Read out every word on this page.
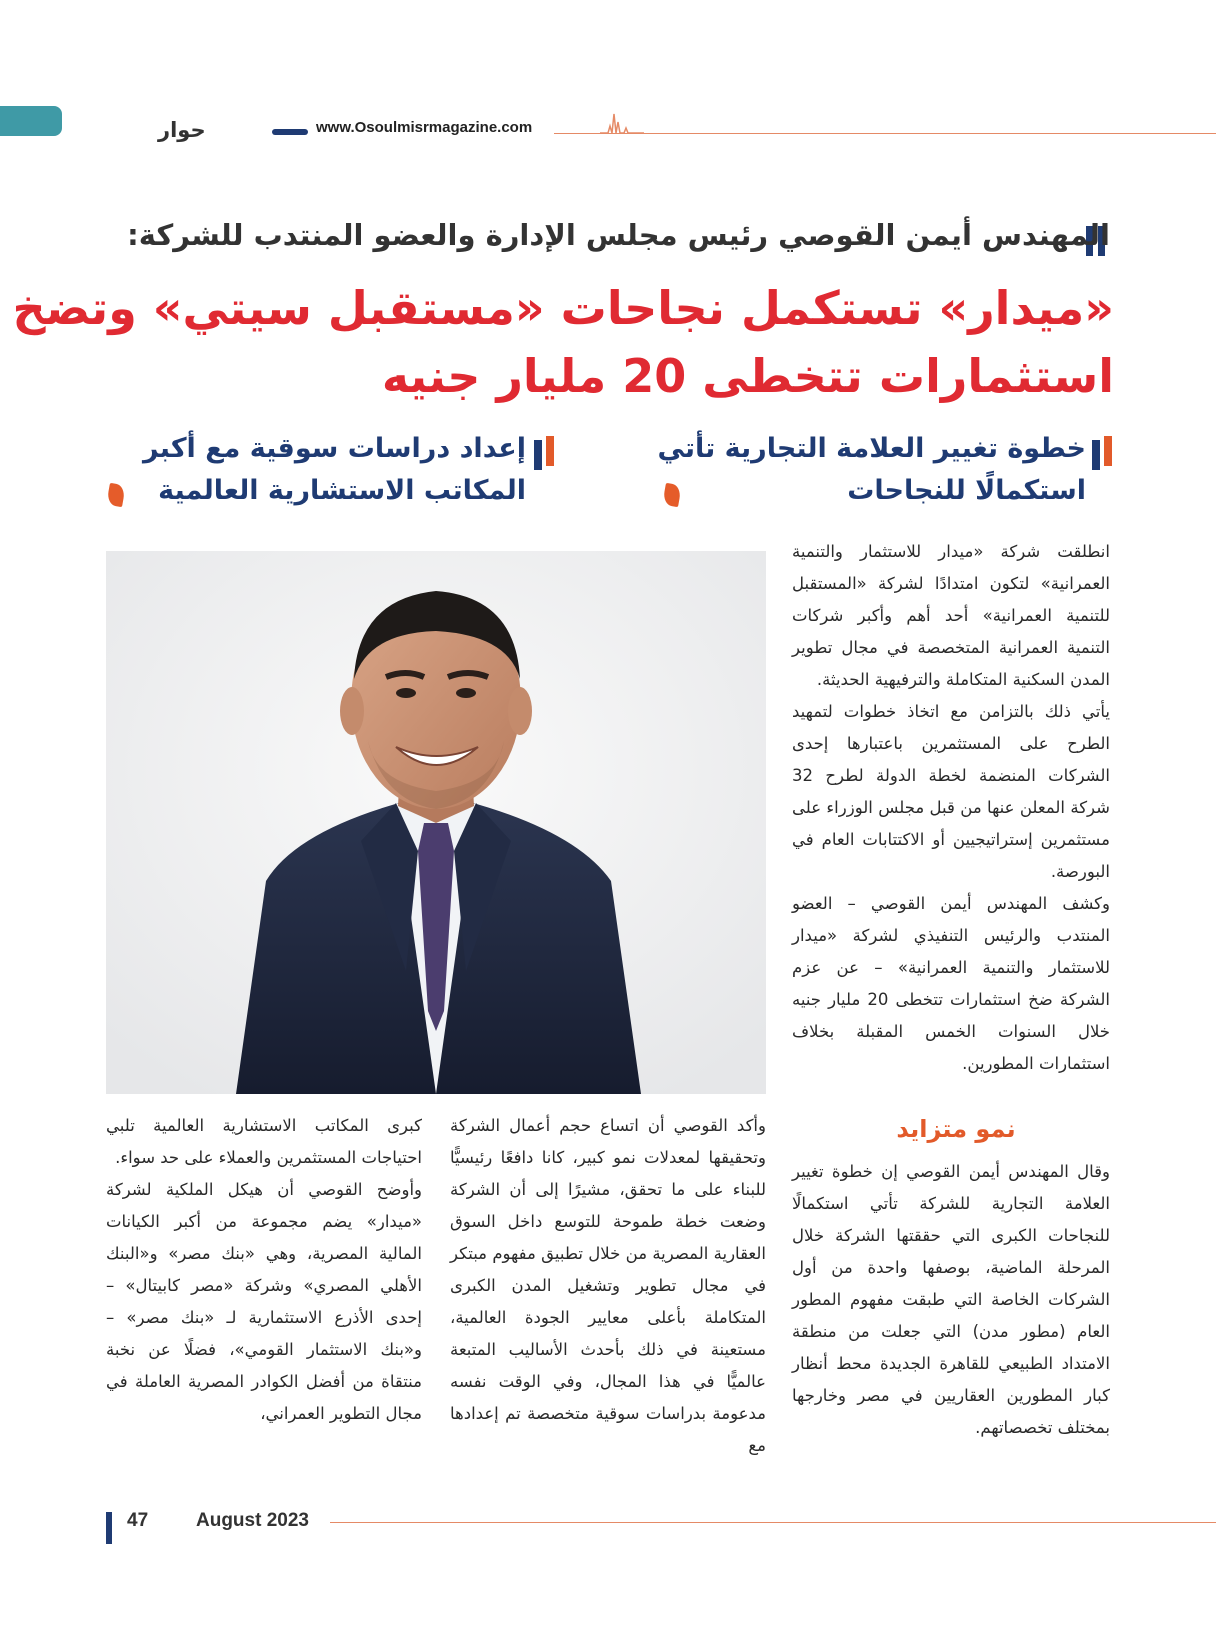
حوار	www.Osoulmisrmagazine.com
المهندس أيمن القوصي رئيس مجلس الإدارة والعضو المنتدب للشركة:
«ميدار» تستكمل نجاحات «مستقبل سيتي» وتضخ
استثمارات تتخطى 20 مليار جنيه
خطوة تغيير العلامة التجارية تأتي
استكمالًا للنجاحات
إعداد دراسات سوقية مع أكبر
المكاتب الاستشارية العالمية

انطلقت شركة «ميدار للاستثمار والتنمية العمرانية» لتكون امتدادًا لشركة «المستقبل للتنمية العمرانية» أحد أهم وأكبر شركات التنمية العمرانية المتخصصة في مجال تطوير المدن السكنية المتكاملة والترفيهية الحديثة.

يأتي ذلك بالتزامن مع اتخاذ خطوات لتمهيد الطرح على المستثمرين باعتبارها إحدى الشركات المنضمة لخطة الدولة لطرح 32 شركة المعلن عنها من قبل مجلس الوزراء على مستثمرين إستراتيجيين أو الاكتتابات العام في البورصة.

وكشف المهندس أيمن القوصي – العضو المنتدب والرئيس التنفيذي لشركة «ميدار للاستثمار والتنمية العمرانية» – عن عزم الشركة ضخ استثمارات تتخطى 20 مليار جنيه خلال السنوات الخمس المقبلة بخلاف استثمارات المطورين.

نمو متزايد

وقال المهندس أيمن القوصي إن خطوة تغيير العلامة التجارية للشركة تأتي استكمالًا للنجاحات الكبرى التي حققتها الشركة خلال المرحلة الماضية، بوصفها واحدة من أول الشركات الخاصة التي طبقت مفهوم المطور العام (مطور مدن) التي جعلت من منطقة الامتداد الطبيعي للقاهرة الجديدة محط أنظار كبار المطورين العقاريين في مصر وخارجها بمختلف تخصصاتهم.

وأكد القوصي أن اتساع حجم أعمال الشركة وتحقيقها لمعدلات نمو كبير، كانا دافعًا رئيسيًّا للبناء على ما تحقق، مشيرًا إلى أن الشركة وضعت خطة طموحة للتوسع داخل السوق العقارية المصرية من خلال تطبيق مفهوم مبتكر في مجال تطوير وتشغيل المدن الكبرى المتكاملة بأعلى معايير الجودة العالمية، مستعينة في ذلك بأحدث الأساليب المتبعة عالميًّا في هذا المجال، وفي الوقت نفسه مدعومة بدراسات سوقية متخصصة تم إعدادها مع

كبرى المكاتب الاستشارية العالمية تلبي احتياجات المستثمرين والعملاء على حد سواء.

وأوضح القوصي أن هيكل الملكية لشركة «ميدار» يضم مجموعة من أكبر الكيانات المالية المصرية، وهي «بنك مصر» و«البنك الأهلي المصري» وشركة «مصر كابيتال» – إحدى الأذرع الاستثمارية لـ «بنك مصر» – و«بنك الاستثمار القومي»، فضلًا عن نخبة منتقاة من أفضل الكوادر المصرية العاملة في مجال التطوير العمراني،

47	August 2023
